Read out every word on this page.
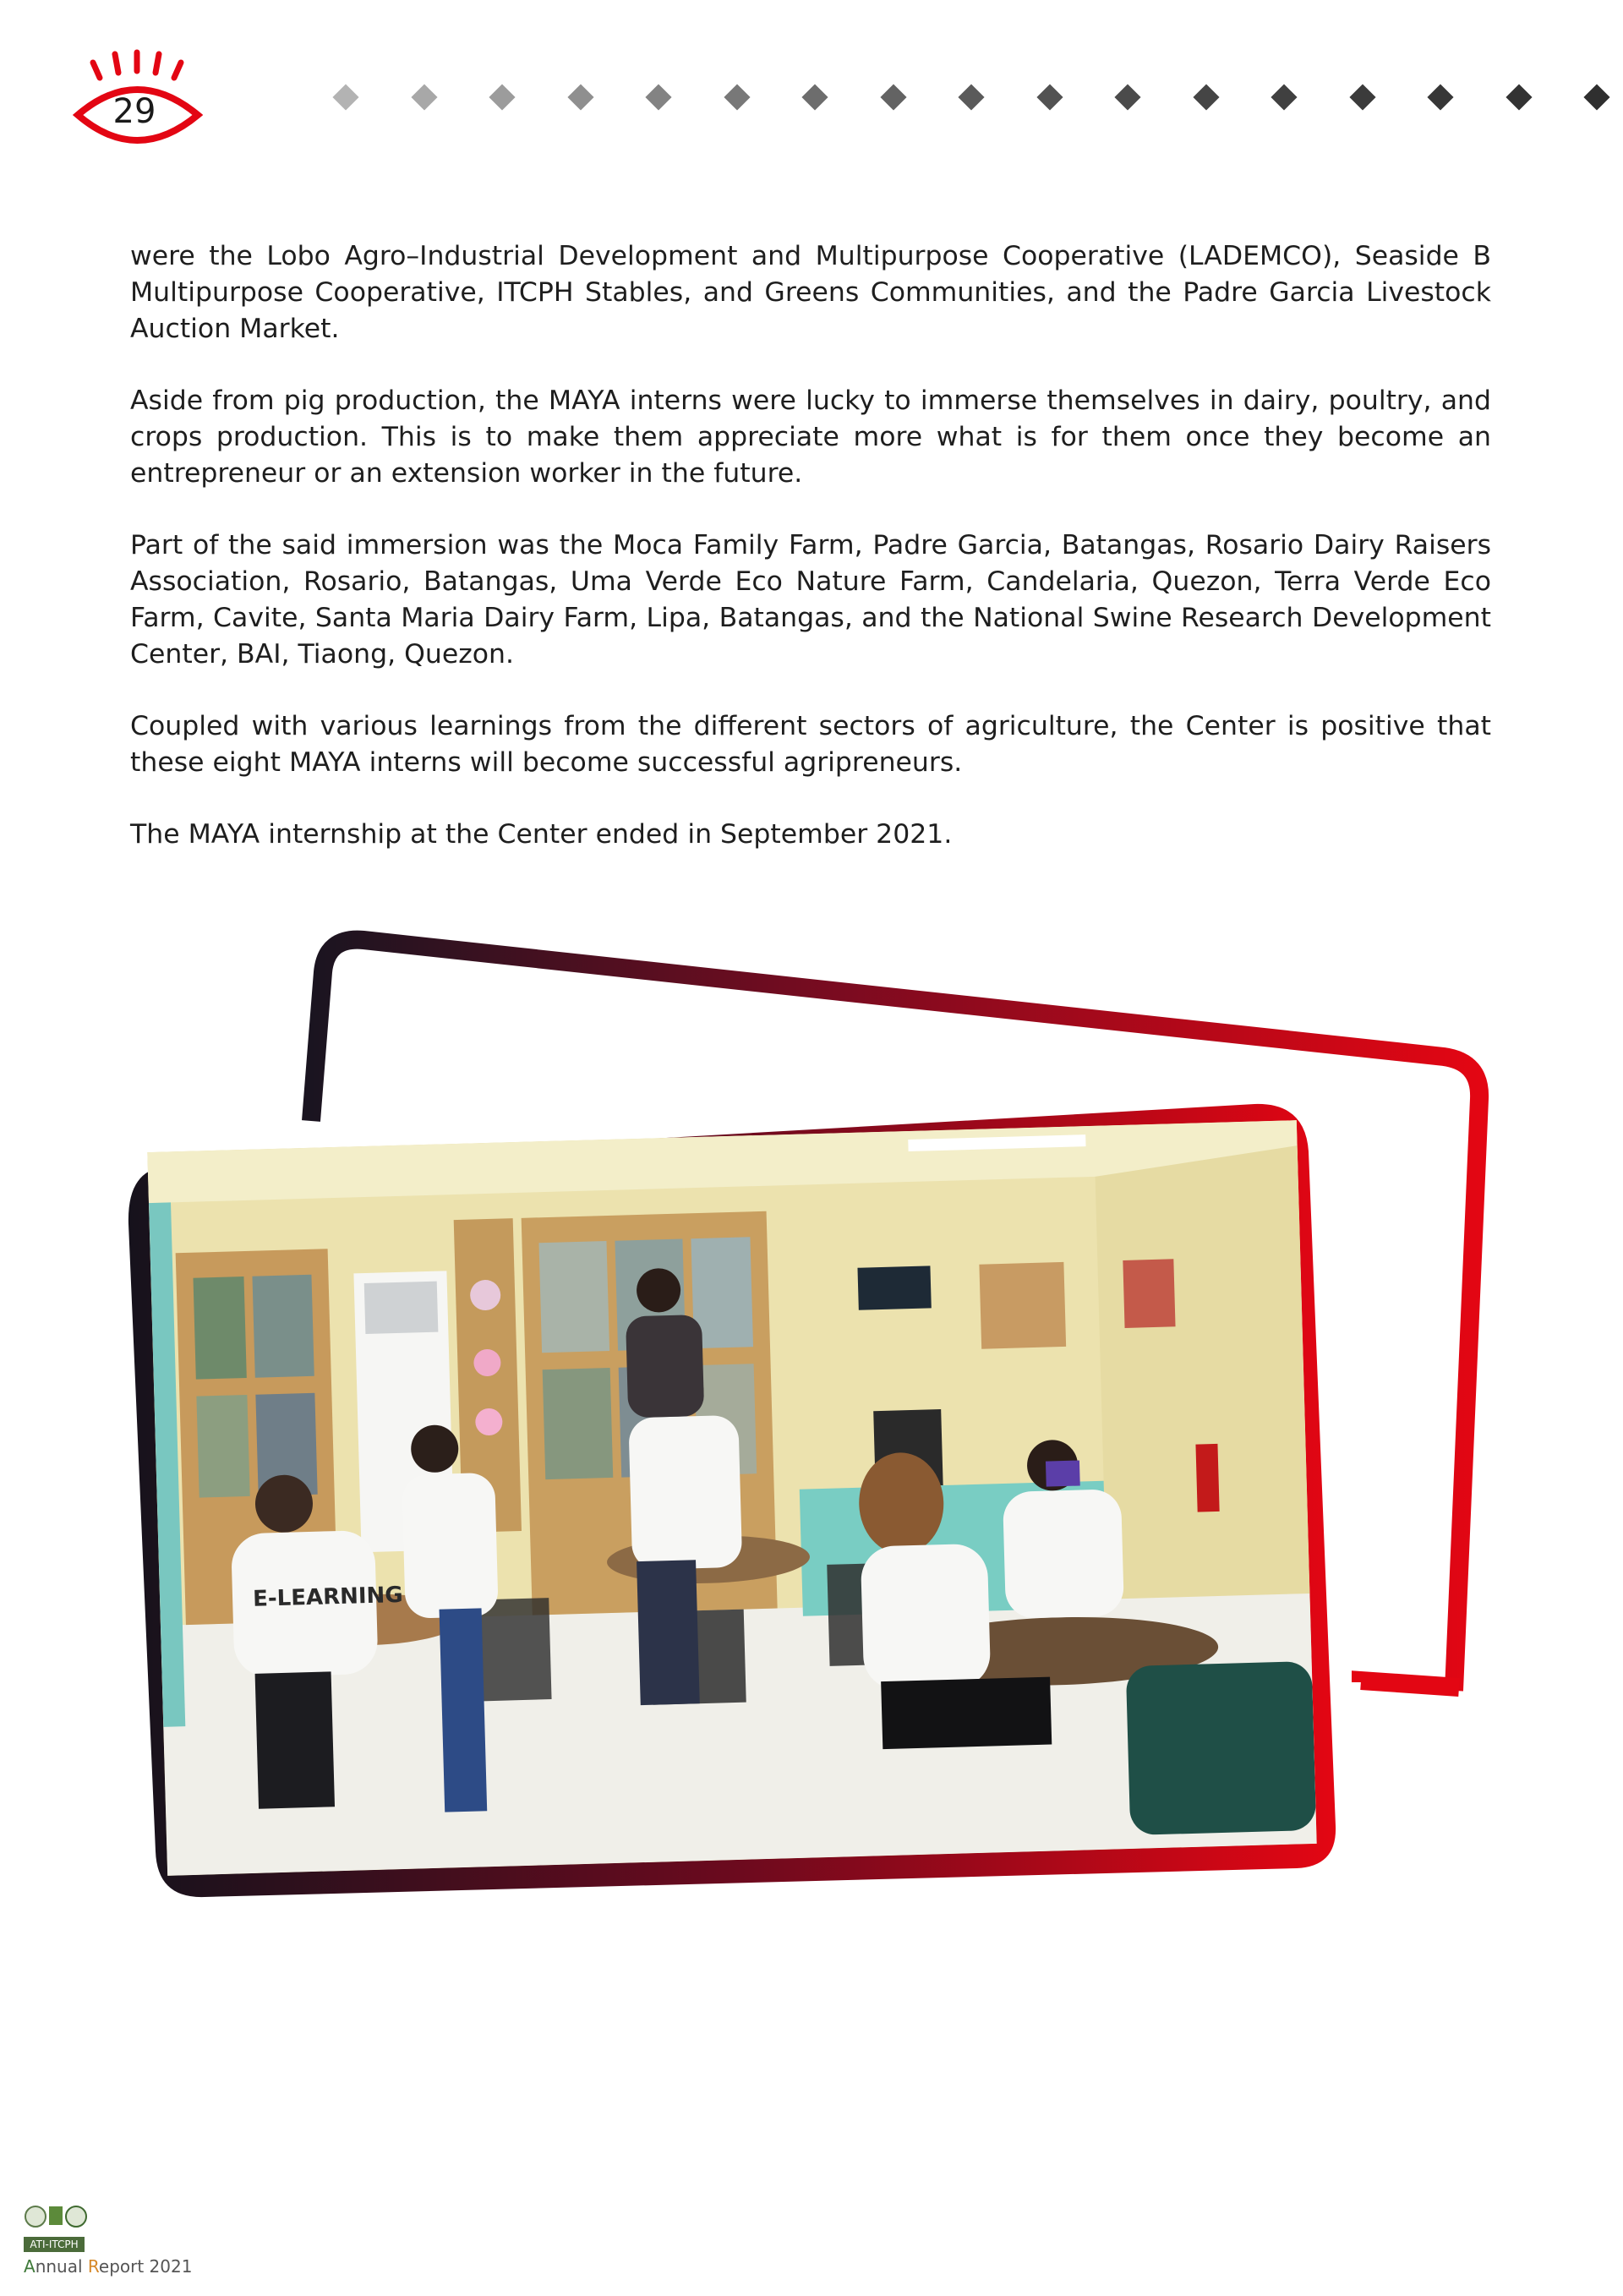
29

were the Lobo Agro–Industrial Development and Multipurpose Cooperative (LADEMCO), Seaside B Multipurpose Cooperative, ITCPH Stables, and Greens Communities, and the Padre Garcia Livestock Auction Market.

Aside from pig production, the MAYA interns were lucky to immerse themselves in dairy, poultry, and crops production. This is to make them appreciate more what is for them once they become an entrepreneur or an extension worker in the future.

Part of the said immersion was the Moca Family Farm, Padre Garcia, Batangas, Rosario Dairy Raisers Association, Rosario, Batangas, Uma Verde Eco Nature Farm, Candelaria, Quezon, Terra Verde Eco Farm, Cavite, Santa Maria Dairy Farm, Lipa, Batangas, and the National Swine Research Development Center, BAI, Tiaong, Quezon.

Coupled with various learnings from the different sectors of agriculture, the Center is positive that these eight MAYA interns will become successful agripreneurs.

The MAYA internship at the Center ended in September 2021.

E-LEARNING
ATI-ITCPH
Annual Report 2021
